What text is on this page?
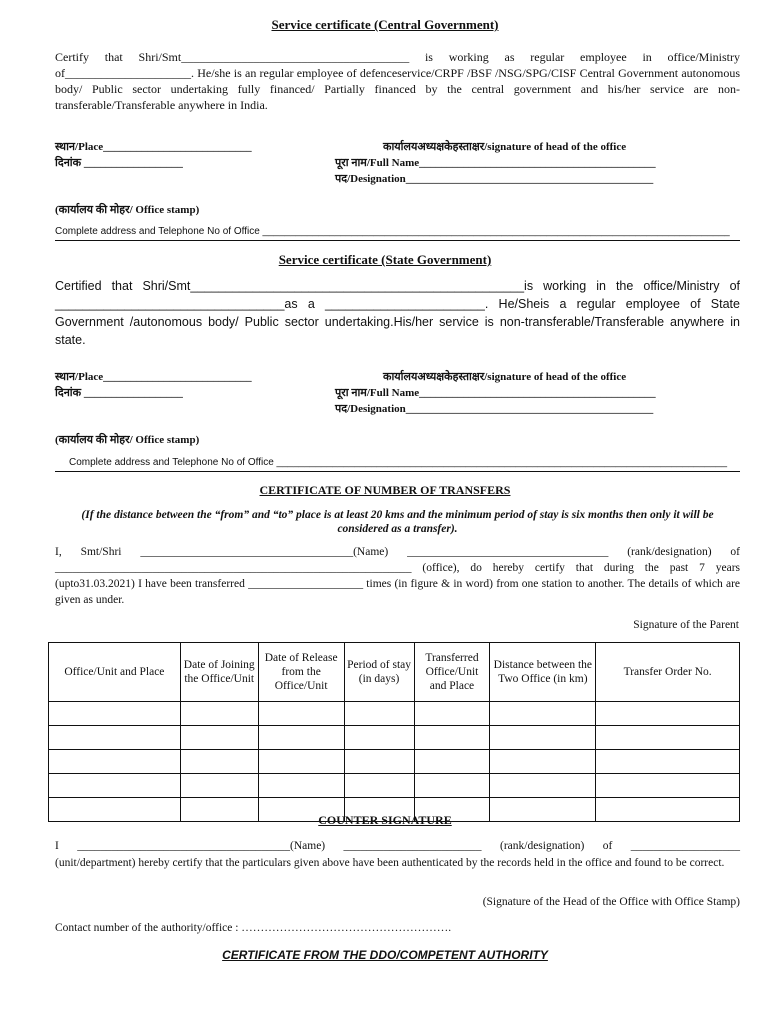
Service certificate (Central Government)
Certify that Shri/Smt______________________________________ is working as regular employee in office/Ministry of_____________________. He/she is an regular employee of defenceservice/CRPF /BSF /NSG/SPG/CISF Central Government autonomous body/ Public sector undertaking fully financed/ Partially financed by the central government and his/her service are non-transferable/Transferable anywhere in India.
स्थान/Place___________________________
दिनांक __________________
कार्यालयअध्यक्षकेहस्ताक्षर/signature of head of the office
पूरा नाम/Full Name___________________________________________
पद/Designation_____________________________________________
(कार्यालय की मोहर/ Office stamp)
Complete address and Telephone No of Office ____________________________________________________________________________________
Service certificate (State Government)
Certified that Shri/Smt________________________________________________is working in the office/Ministry of _________________________________as a _______________________. He/Sheis a regular employee of State Government /autonomous body/ Public sector undertaking.His/her service is non-transferable/Transferable anywhere in state.
स्थान/Place___________________________
दिनांक __________________
कार्यालयअध्यक्षकेहस्ताक्षर/signature of head of the office
पूरा नाम/Full Name___________________________________________
पद/Designation_____________________________________________
(कार्यालय की मोहर/ Office stamp)
Complete address and Telephone No of Office _________________________________________________________________________________
CERTIFICATE OF NUMBER OF TRANSFERS
(If the distance between the “from” and “to” place is at least 20 kms and the minimum period of stay is six months then only it will be considered as a transfer).
I, Smt/Shri _____________________________________(Name) ___________________________________ (rank/designation) of ______________________________________________________________ (office), do hereby certify that during the past 7 years (upto31.03.2021) I have been transferred ____________________ times (in figure & in word) from one station to another. The details of which are given as under.
Signature of the Parent
Office/Unit and Place	Date of Joining the Office/Unit	Date of Release from the Office/Unit	Period of stay (in days)	Transferred Office/Unit and Place	Distance between the Two Office (in km)	Transfer Order No.

COUNTER SIGNATURE
I _____________________________________(Name) ________________________ (rank/designation) of ___________________ (unit/department) hereby certify that the particulars given above have been authenticated by the records held in the office and found to be correct.
(Signature of the Head of the Office with Office Stamp)
Contact number of the authority/office : ……………………………………………….
CERTIFICATE FROM THE DDO/COMPETENT AUTHORITY
